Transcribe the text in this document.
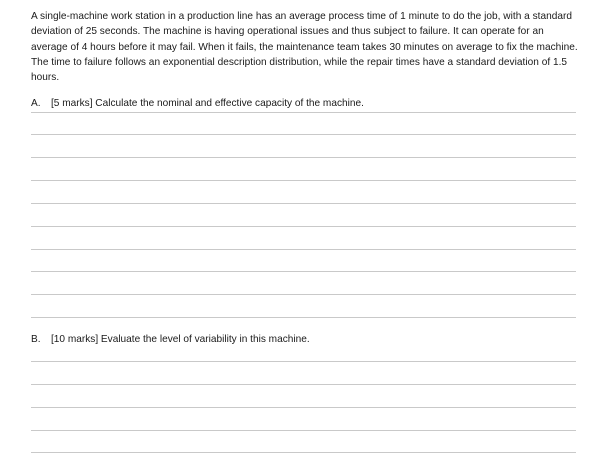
A single-machine work station in a production line has an average process time of 1 minute to do the job, with a standard deviation of 25 seconds. The machine is having operational issues and thus subject to failure. It can operate for an average of 4 hours before it may fail. When it fails, the maintenance team takes 30 minutes on average to fix the machine. The time to failure follows an exponential description distribution, while the repair times have a standard deviation of 1.5 hours.

A. [5 marks] Calculate the nominal and effective capacity of the machine.

B. [10 marks] Evaluate the level of variability in this machine.
